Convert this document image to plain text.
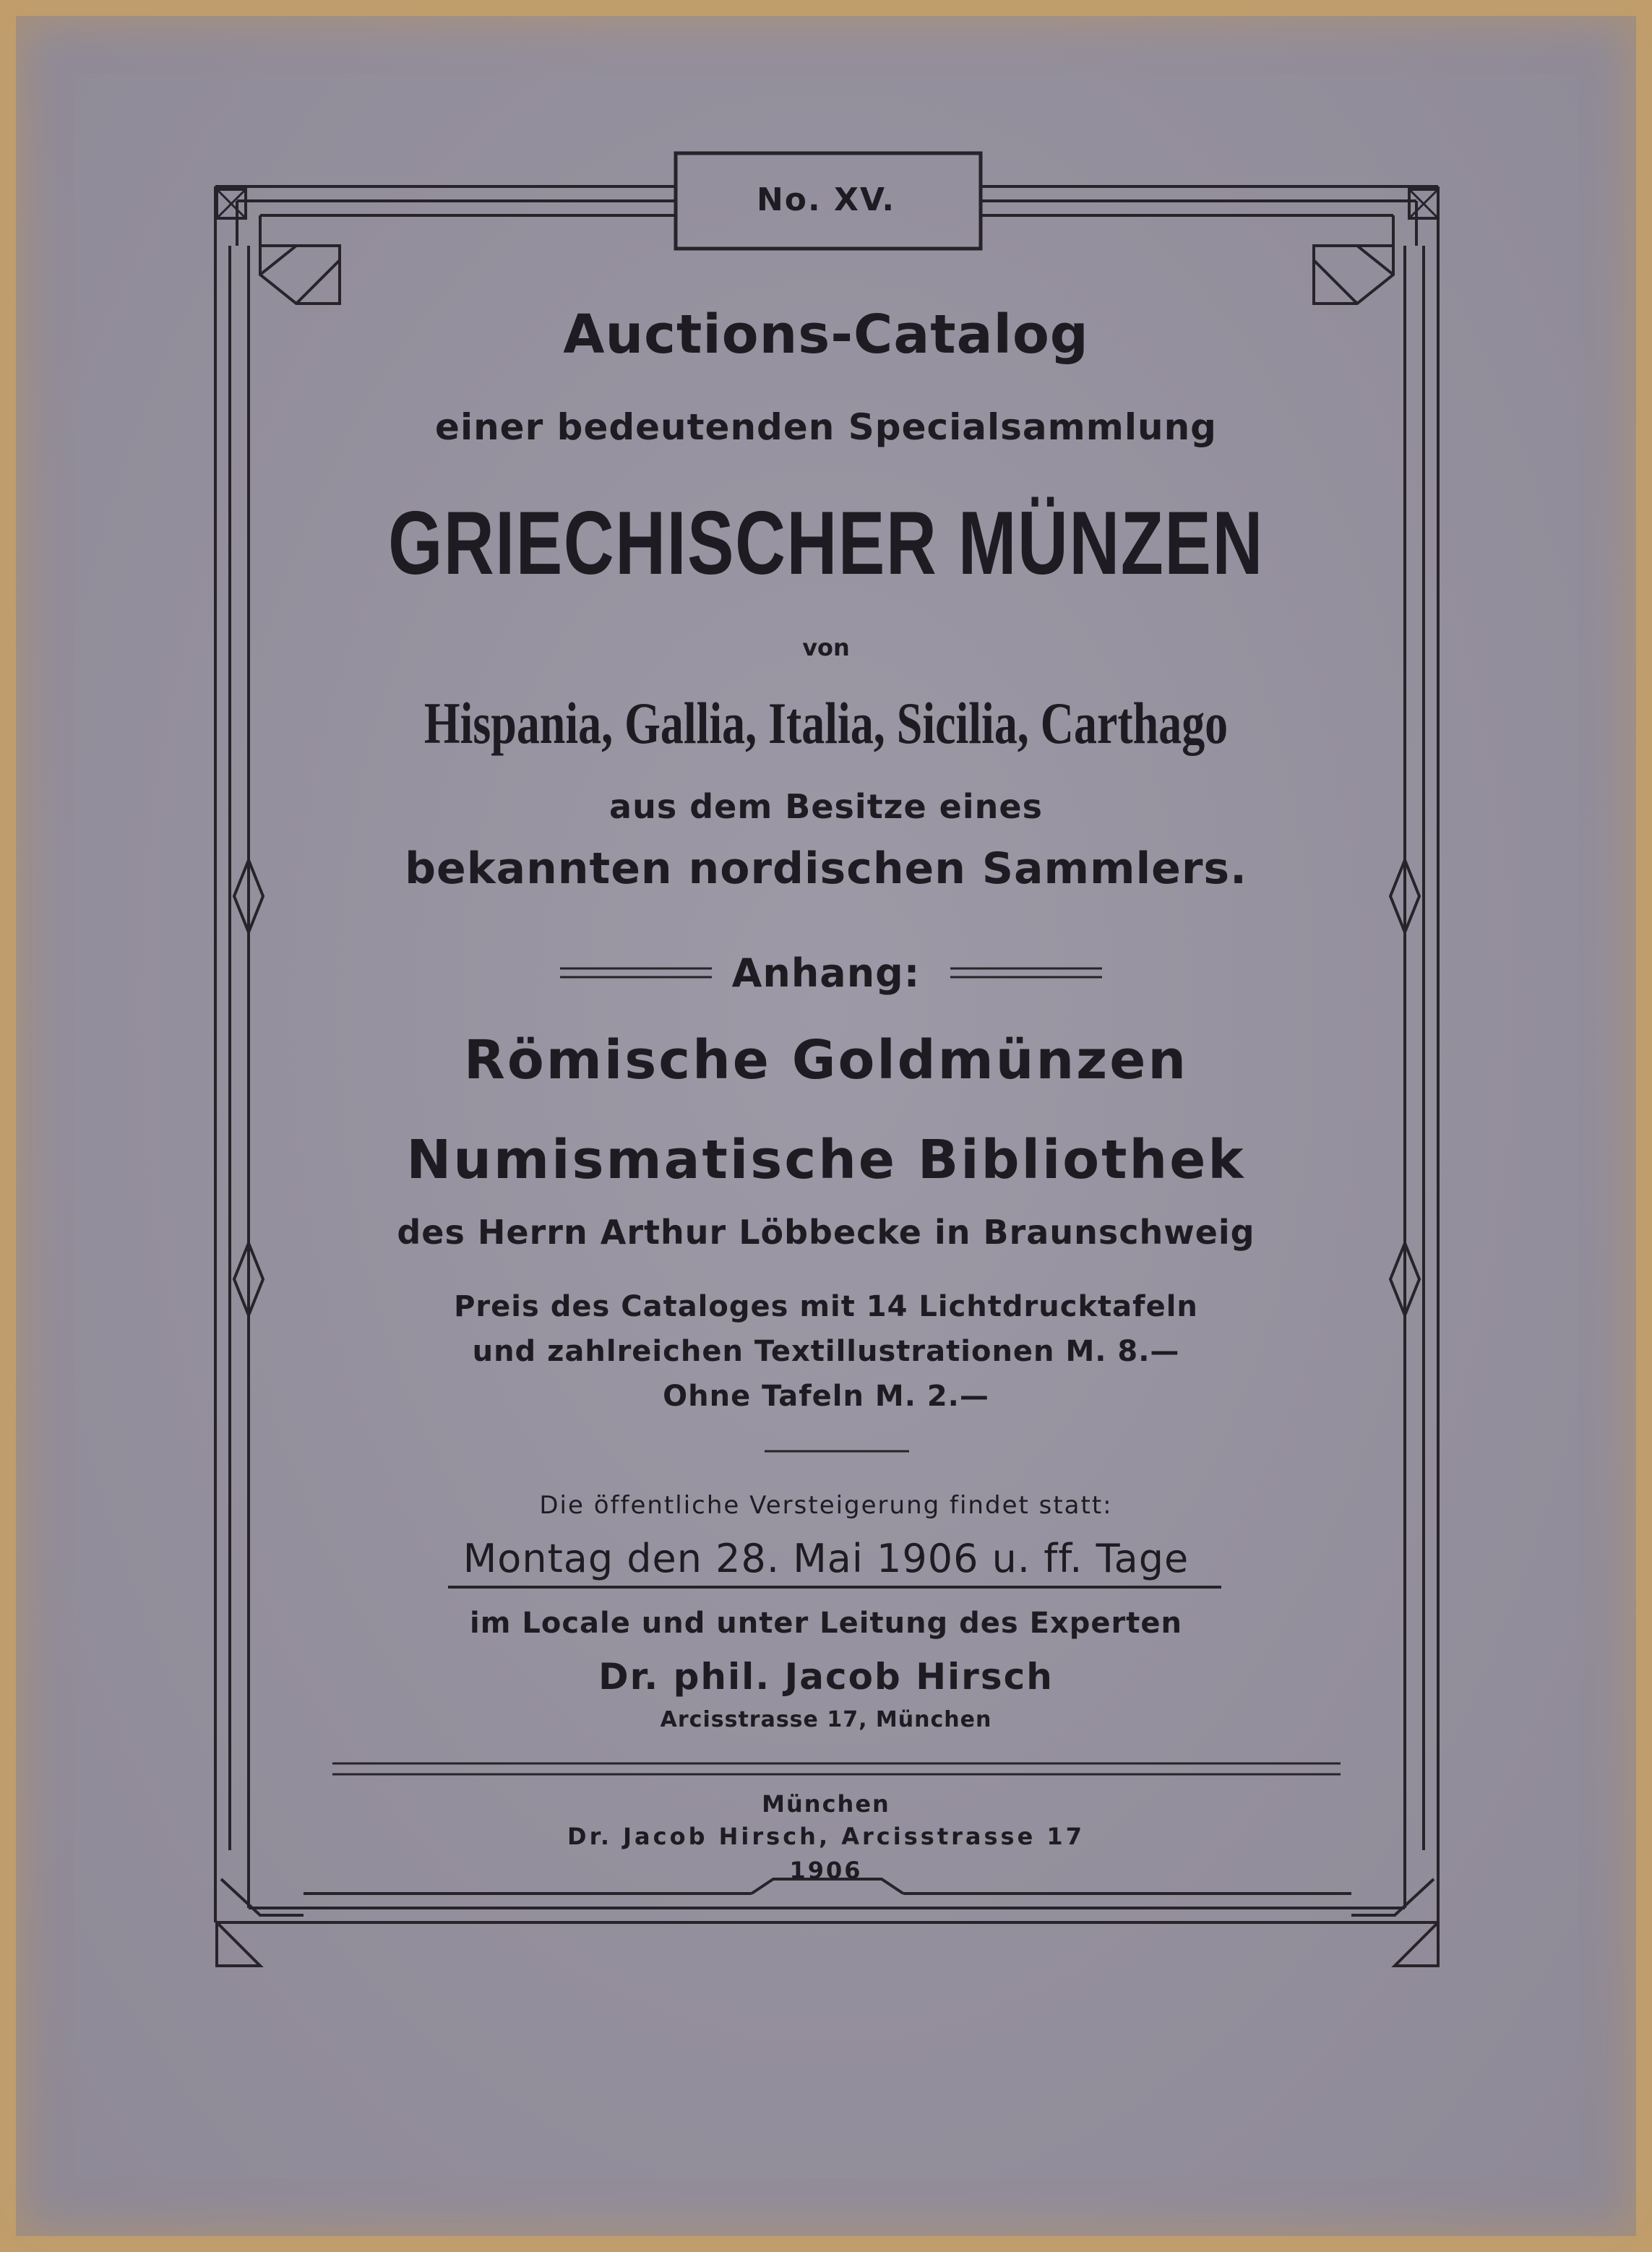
No. XV.
Auctions-Catalog
einer bedeutenden Specialsammlung
GRIECHISCHER MÜNZEN
von
Hispania, Gallia, Italia, Sicilia, Carthago
aus dem Besitze eines
bekannten nordischen Sammlers.
Anhang:
Römische Goldmünzen
Numismatische Bibliothek
des Herrn Arthur Löbbecke in Braunschweig
Preis des Cataloges mit 14 Lichtdrucktafeln
und zahlreichen Textillustrationen M. 8.—
Ohne Tafeln M. 2.—
Die öffentliche Versteigerung findet statt:
Montag den 28. Mai 1906 u. ff. Tage
im Locale und unter Leitung des Experten
Dr. phil. Jacob Hirsch
Arcisstrasse 17, München
München
Dr. Jacob Hirsch, Arcisstrasse 17
1906
